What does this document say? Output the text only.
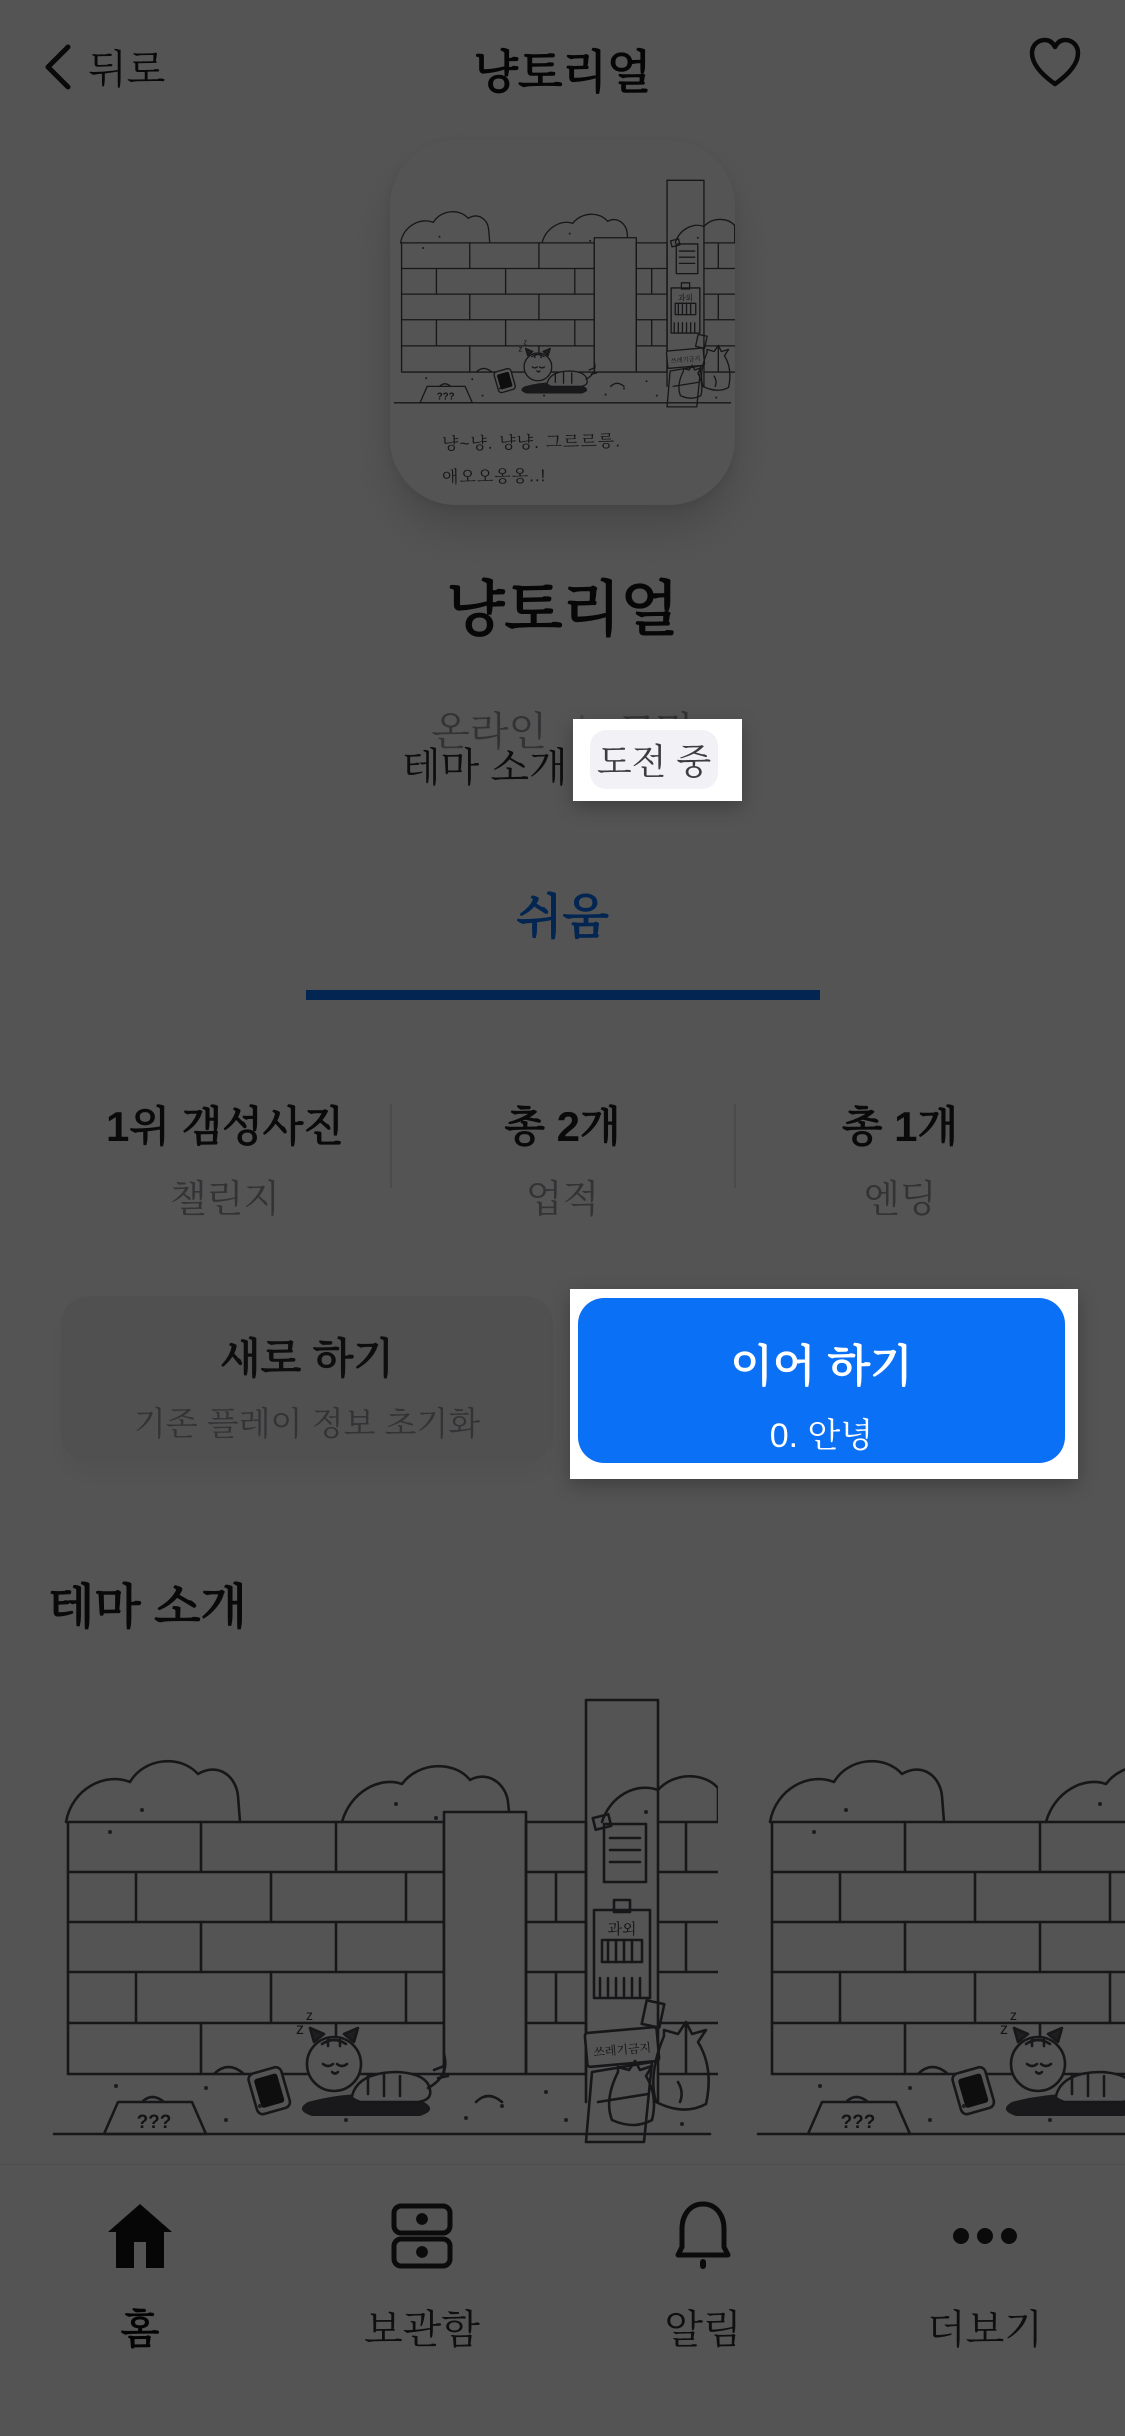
도전 중
이어 하기
0. 안녕
